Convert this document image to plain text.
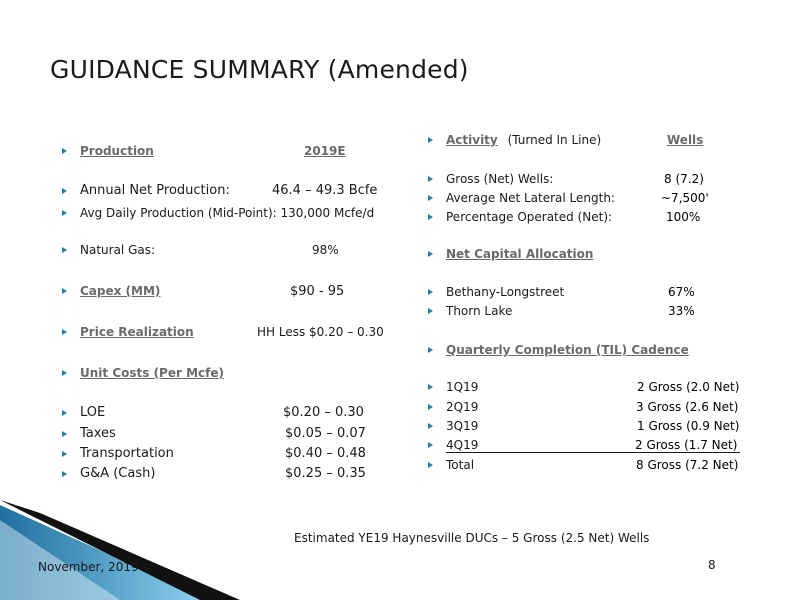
GUIDANCE SUMMARY (Amended)
Production	2019E
Annual Net Production:	46.4 – 49.3 Bcfe
Avg Daily Production (Mid-Point): 130,000 Mcfe/d
Natural Gas:	98%
Capex (MM)	$90 - 95
Price Realization	HH Less $0.20 – 0.30
Unit Costs (Per Mcfe)
LOE	$0.20 – 0.30
Taxes	$0.05 – 0.07
Transportation	$0.40 – 0.48
G&A (Cash)	$0.25 – 0.35
Activity (Turned In Line)	Wells
Gross (Net) Wells:	8 (7.2)
Average Net Lateral Length:	~7,500'
Percentage Operated (Net):	100%
Net Capital Allocation
Bethany-Longstreet	67%
Thorn Lake	33%
Quarterly Completion (TIL) Cadence
1Q19	2 Gross (2.0 Net)
2Q19	3 Gross (2.6 Net)
3Q19	1 Gross (0.9 Net)
4Q19	2 Gross (1.7 Net)
Total	8 Gross (7.2 Net)
Estimated YE19 Haynesville DUCs – 5 Gross (2.5 Net) Wells
November, 2019	8
